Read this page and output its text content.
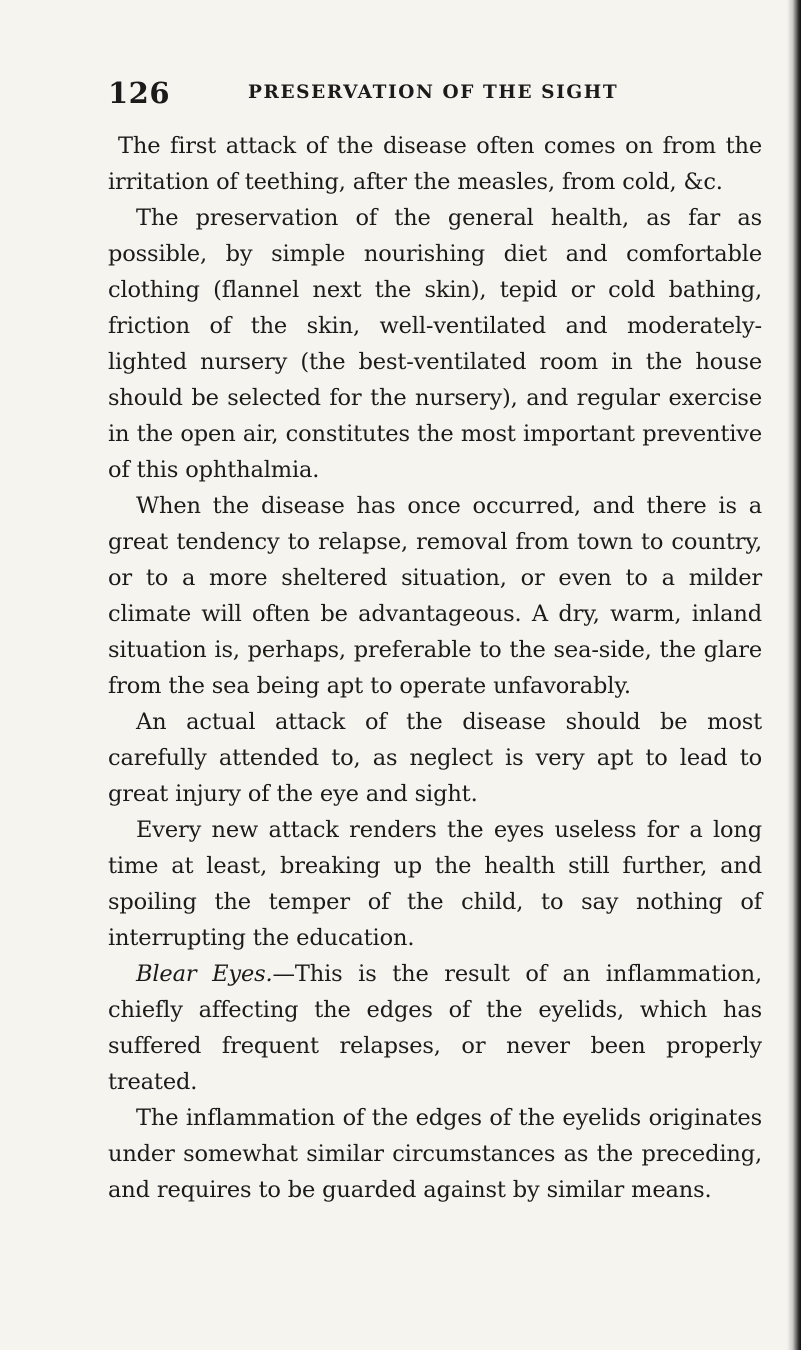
126	PRESERVATION OF THE SIGHT

The first attack of the disease often comes on from the irritation of teething, after the measles, from cold, &c.

The preservation of the general health, as far as possible, by simple nourishing diet and comfortable clothing (flannel next the skin), tepid or cold bathing, friction of the skin, well-ventilated and moderately-lighted nursery (the best-ventilated room in the house should be selected for the nursery), and regular exercise in the open air, constitutes the most important preventive of this ophthalmia.

When the disease has once occurred, and there is a great tendency to relapse, removal from town to country, or to a more sheltered situation, or even to a milder climate will often be advantageous. A dry, warm, inland situation is, perhaps, preferable to the sea-side, the glare from the sea being apt to operate unfavorably.

An actual attack of the disease should be most carefully attended to, as neglect is very apt to lead to great injury of the eye and sight.

Every new attack renders the eyes useless for a long time at least, breaking up the health still further, and spoiling the temper of the child, to say nothing of interrupting the education.

Blear Eyes.—This is the result of an inflammation, chiefly affecting the edges of the eyelids, which has suffered frequent relapses, or never been properly treated.

The inflammation of the edges of the eyelids originates under somewhat similar circumstances as the preceding, and requires to be guarded against by similar means.
